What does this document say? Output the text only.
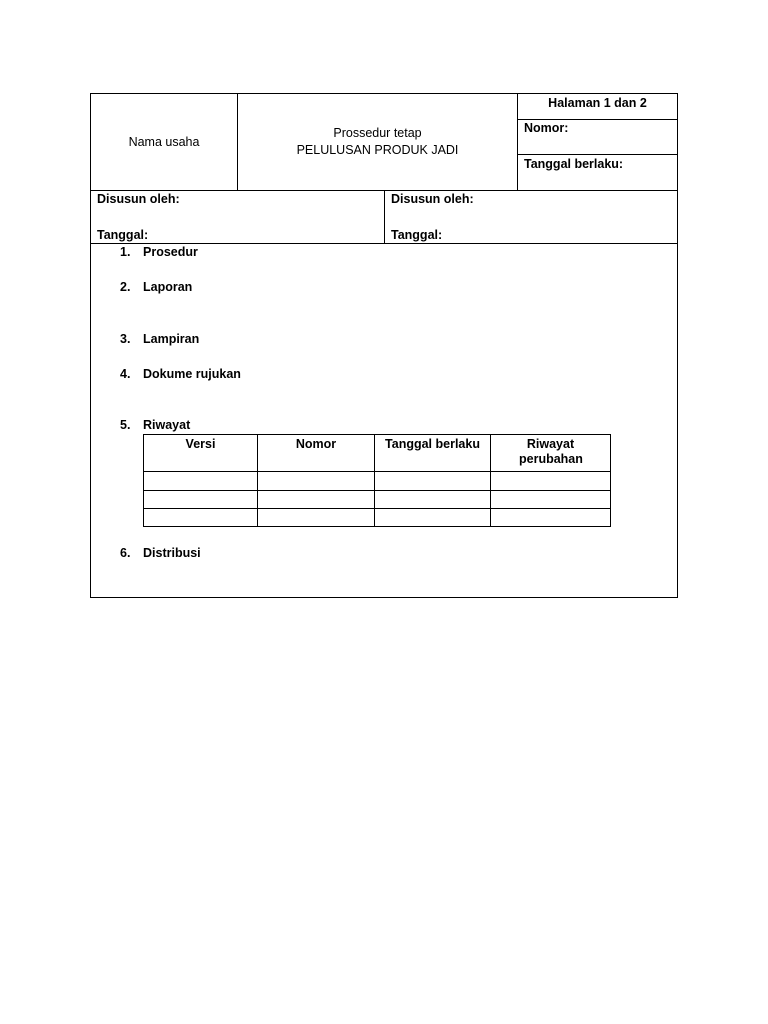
Nama usaha
Prossedur tetap
PELULUSAN PRODUK JADI
Halaman 1 dan 2
Nomor:
Tanggal berlaku:
Disusun oleh:
Tanggal:
Disusun oleh:
Tanggal:
1. Prosedur
2. Laporan
3. Lampiran
4. Dokume rujukan
5. Riwayat
6. Distribusi
Versi	Nomor	Tanggal berlaku	Riwayat perubahan
